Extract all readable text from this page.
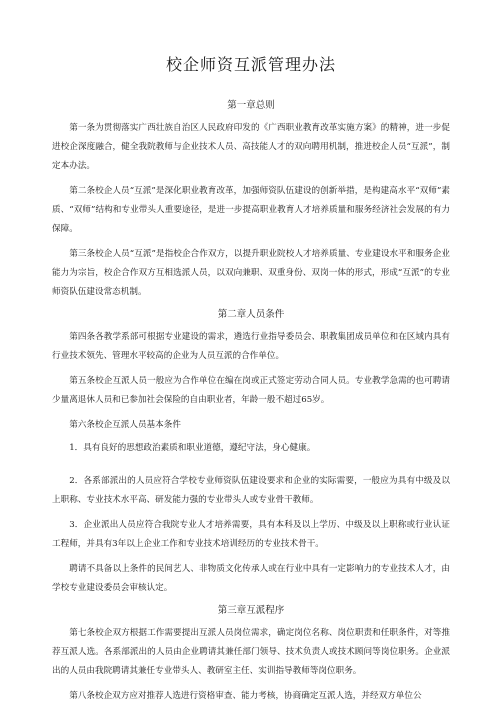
校企师资互派管理办法
第一章总则

第一条为贯彻落实广西壮族自治区人民政府印发的《广西职业教育改革实施方案》的精神，进一步促进校企深度融合，健全我院教师与企业技术人员、高技能人才的双向聘用机制，推进校企人员“互派”，制定本办法。

第二条校企人员“互派”是深化职业教育改革，加强师资队伍建设的创新举措，是构建高水平“双师”素质、“双师”结构和专业带头人重要途径，是进一步提高职业教育人才培养质量和服务经济社会发展的有力保障。

第三条校企人员“互派”是指校企合作双方，以提升职业院校人才培养质量、专业建设水平和服务企业能力为宗旨，校企合作双方互相选派人员，以双向兼职、双重身份、双岗一体的形式，形成“互派”的专业师资队伍建设常态机制。

第二章人员条件

第四条各教学系部可根据专业建设的需求，遴选行业指导委员会、职教集团成员单位和在区域内具有行业技术领先、管理水平较高的企业为人员互派的合作单位。

第五条校企互派人员一般应为合作单位在编在岗或正式签定劳动合同人员。专业教学急需的也可聘请少量离退休人员和已参加社会保险的自由职业者，年龄一般不超过65岁。

第六条校企互派人员基本条件

1．具有良好的思想政治素质和职业道德，遵纪守法，身心健康。

2．各系部派出的人员应符合学校专业师资队伍建设要求和企业的实际需要，一般应为具有中级及以上职称、专业技术水平高、研发能力强的专业带头人或专业骨干教师。

3．企业派出人员应符合我院专业人才培养需要，具有本科及以上学历、中级及以上职称或行业认证工程师，并具有3年以上企业工作和专业技术培训经历的专业技术骨干。

聘请不具备以上条件的民间艺人、非物质文化传承人或在行业中具有一定影响力的专业技术人才，由学校专业建设委员会审核认定。

第三章互派程序

第七条校企双方根据工作需要提出互派人员岗位需求，确定岗位名称、岗位职责和任职条件，对等推荐互派人选。各系部派出的人员由企业聘请其兼任部门领导、技术负责人或技术顾问等岗位职务。企业派出的人员由我院聘请其兼任专业带头人、教研室主任、实训指导教师等岗位职务。

第八条校企双方应对推荐人选进行资格审查、能力考核，协商确定互派人选，并经双方单位公
